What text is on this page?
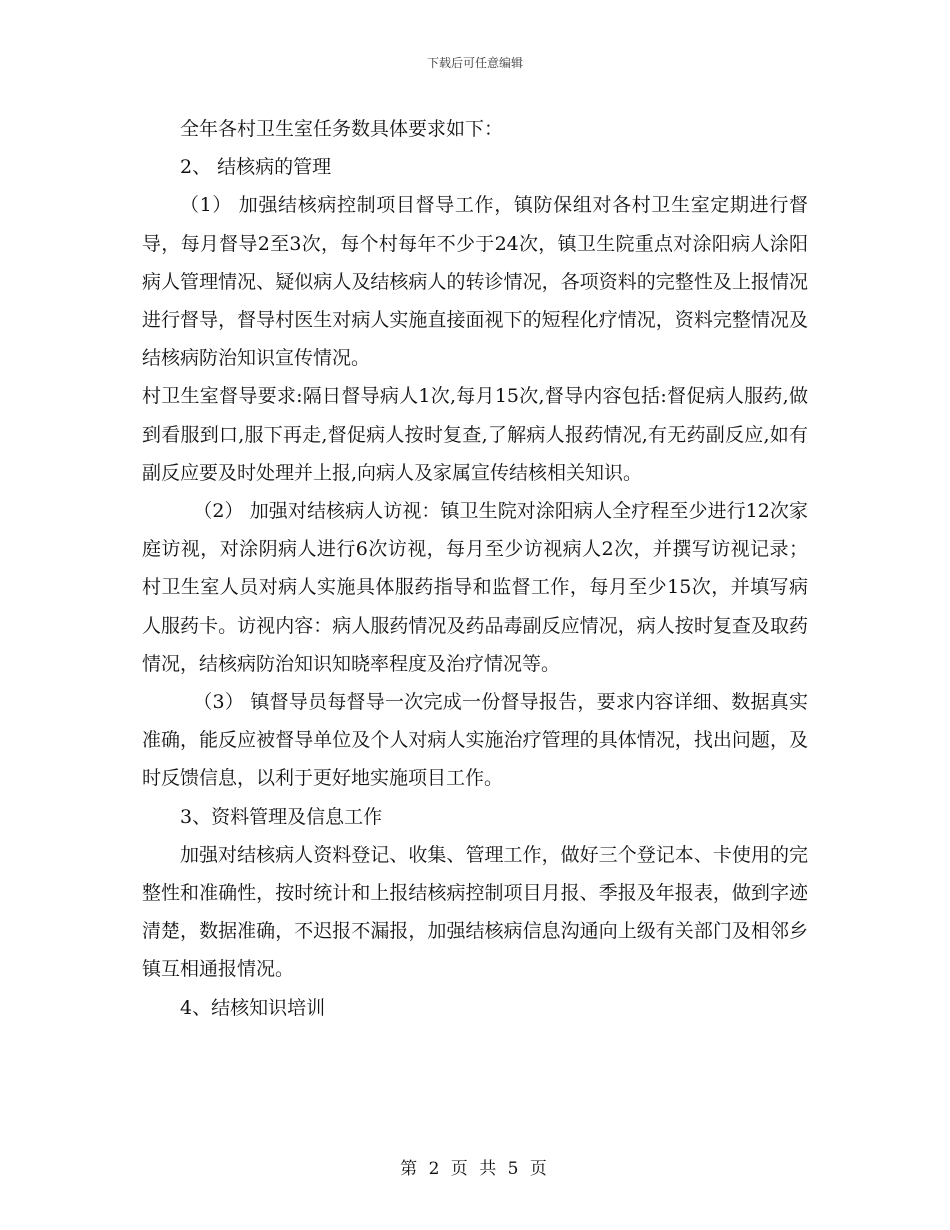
下载后可任意编辑

全年各村卫生室任务数具体要求如下：

2、 结核病的管理

（1） 加强结核病控制项目督导工作，镇防保组对各村卫生室定期进行督导，每月督导2至3次，每个村每年不少于24次，镇卫生院重点对涂阳病人涂阳病人管理情况、疑似病人及结核病人的转诊情况，各项资料的完整性及上报情况进行督导，督导村医生对病人实施直接面视下的短程化疗情况，资料完整情况及结核病防治知识宣传情况。

村卫生室督导要求:隔日督导病人1次,每月15次,督导内容包括:督促病人服药,做到看服到口,服下再走,督促病人按时复查,了解病人报药情况,有无药副反应,如有副反应要及时处理并上报,向病人及家属宣传结核相关知识。

（2） 加强对结核病人访视：镇卫生院对涂阳病人全疗程至少进行12次家庭访视，对涂阴病人进行6次访视，每月至少访视病人2次，并撰写访视记录；村卫生室人员对病人实施具体服药指导和监督工作，每月至少15次，并填写病人服药卡。访视内容：病人服药情况及药品毒副反应情况，病人按时复查及取药情况，结核病防治知识知晓率程度及治疗情况等。

（3） 镇督导员每督导一次完成一份督导报告，要求内容详细、数据真实准确，能反应被督导单位及个人对病人实施治疗管理的具体情况，找出问题，及时反馈信息，以利于更好地实施项目工作。

3、资料管理及信息工作

加强对结核病人资料登记、收集、管理工作，做好三个登记本、卡使用的完整性和准确性，按时统计和上报结核病控制项目月报、季报及年报表，做到字迹清楚，数据准确，不迟报不漏报，加强结核病信息沟通向上级有关部门及相邻乡镇互相通报情况。

4、结核知识培训

第 2 页 共 5 页
